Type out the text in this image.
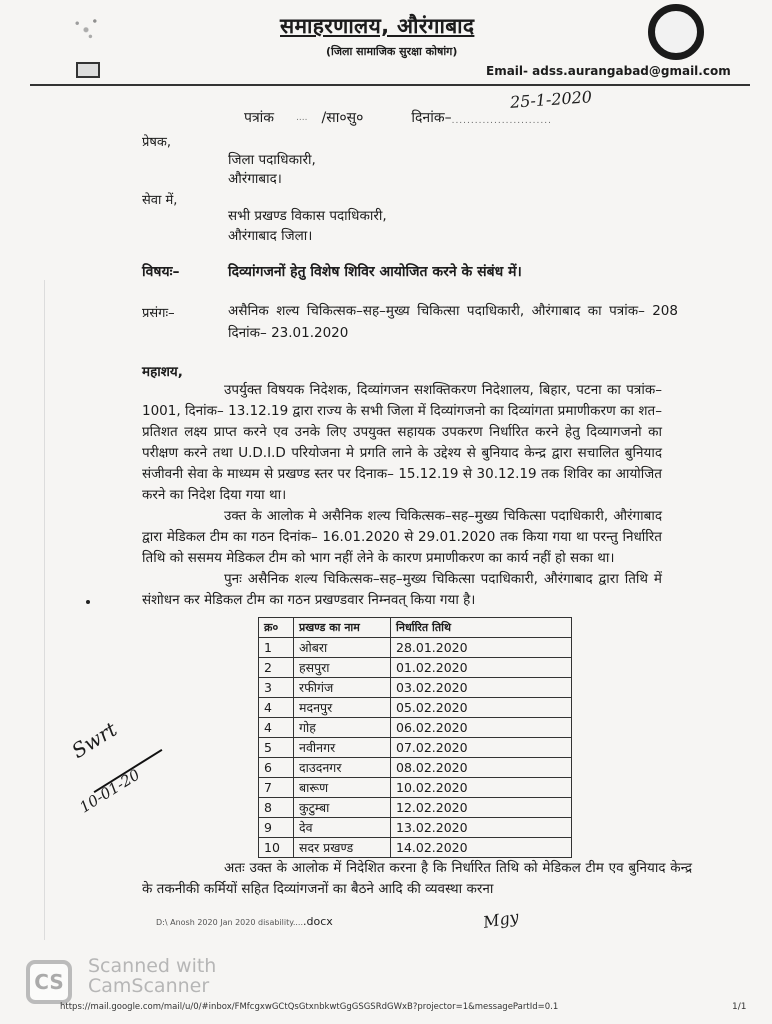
समाहरणालय, औरंगाबाद
(जिला सामाजिक सुरक्षा कोषांग)
Email- adss.aurangabad@gmail.com
पत्रांक .... /सा०सु०	दिनांक–..........................
25-1-2020
प्रेषक,
जिला पदाधिकारी,
औरंगाबाद।
सेवा में,
सभी प्रखण्ड विकास पदाधिकारी,
औरंगाबाद जिला।
विषयः–	दिव्यांगजनों हेतु विशेष शिविर आयोजित करने के संबंध में।
प्रसंगः–	असैनिक शल्य चिकित्सक–सह–मुख्य चिकित्सा पदाधिकारी, औरंगाबाद का पत्रांक– 208 दिनांक– 23.01.2020
महाशय,

उपर्युक्त विषयक निदेशक, दिव्यांगजन सशक्तिकरण निदेशालय, बिहार, पटना का पत्रांक– 1001, दिनांक– 13.12.19 द्वारा राज्य के सभी जिला में दिव्यांगजनो का दिव्यांगता प्रमाणीकरण का शत–प्रतिशत लक्ष्य प्राप्त करने एव उनके लिए उपयुक्त सहायक उपकरण निर्धारित करने हेतु दिव्यागजनो का परीक्षण करने तथा U.D.I.D परियोजना मे प्रगति लाने के उद्देश्य से बुनियाद केन्द्र द्वारा सचालित बुनियाद संजीवनी सेवा के माध्यम से प्रखण्ड स्तर पर दिनाक– 15.12.19 से 30.12.19 तक शिविर का आयोजित करने का निदेश दिया गया था।

उक्त के आलोक मे असैनिक शल्य चिकित्सक–सह–मुख्य चिकित्सा पदाधिकारी, औरंगाबाद द्वारा मेडिकल टीम का गठन दिनांक– 16.01.2020 से 29.01.2020 तक किया गया था परन्तु निर्धारित तिथि को ससमय मेडिकल टीम को भाग नहीं लेने के कारण प्रमाणीकरण का कार्य नहीं हो सका था।

पुनः असैनिक शल्य चिकित्सक–सह–मुख्य चिकित्सा पदाधिकारी, औरंगाबाद द्वारा तिथि में संशोधन कर मेडिकल टीम का गठन प्रखण्डवार निम्नवत् किया गया है।

क्र०	प्रखण्ड का नाम	निर्धारित तिथि
1	ओबरा	28.01.2020
2	हसपुरा	01.02.2020
3	रफीगंज	03.02.2020
4	मदनपुर	05.02.2020
4	गोह	06.02.2020
5	नवीनगर	07.02.2020
6	दाउदनगर	08.02.2020
7	बारूण	10.02.2020
8	कुटुम्बा	12.02.2020
9	देव	13.02.2020
10	सदर प्रखण्ड	14.02.2020

अतः उक्त के आलोक में निदेशित करना है कि निर्धारित तिथि को मेडिकल टीम एव बुनियाद केन्द्र के तकनीकी कर्मियों सहित दिव्यांगजनों का बैठने आदि की व्यवस्था करना

Swrt
10-01-20
D:\ Anosh 2020 Jan 2020 disability.....docx	Mgy
CS
Scanned with
CamScanner
https://mail.google.com/mail/u/0/#inbox/FMfcgxwGCtQsGtxnbkwtGgGSGSRdGWxB?projector=1&messagePartId=0.1	1/1
